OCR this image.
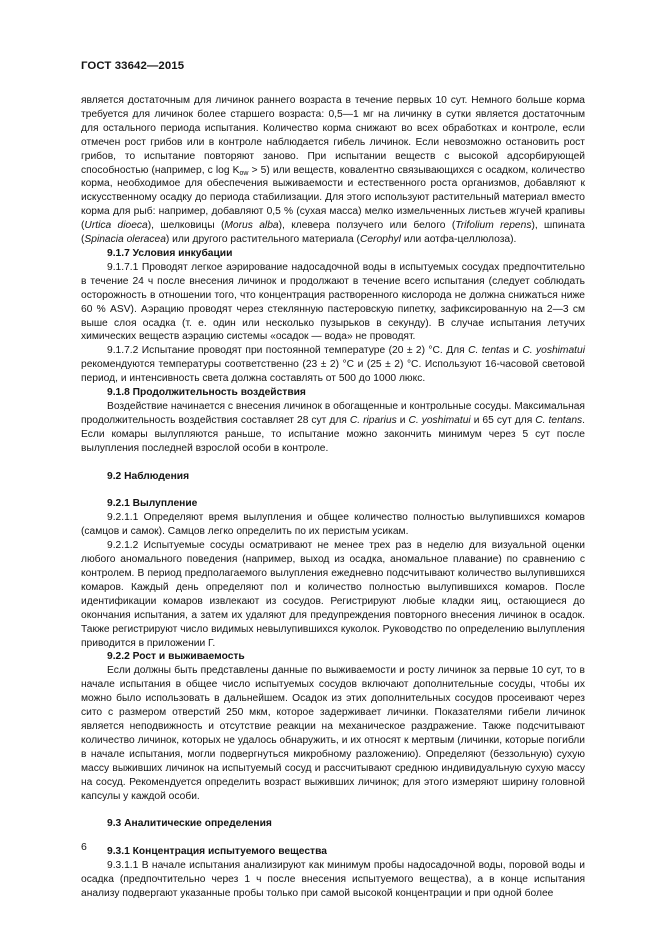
ГОСТ 33642—2015

является достаточным для личинок раннего возраста в течение первых 10 сут. Немного больше корма требуется для личинок более старшего возраста: 0,5—1 мг на личинку в сутки является достаточным для остального периода испытания. Количество корма снижают во всех обработках и контроле, если отмечен рост грибов или в контроле наблюдается гибель личинок. Если невозможно остановить рост грибов, то испытание повторяют заново. При испытании веществ с высокой адсорбирующей способностью (например, с $\log K_{ow} > 5$) или веществ, ковалентно связывающихся с осадком, количество корма, необходимое для обеспечения выживаемости и естественного роста организмов, добавляют к искусственному осадку до периода стабилизации. Для этого используют растительный материал вместо корма для рыб: например, добавляют 0,5 % (сухая масса) мелко измельченных листьев жгучей крапивы (Urtica dioeca), шелковицы (Morus alba), клевера ползучего или белого (Trifolium repens), шпината (Spinacia oleracea) или другого растительного материала (Cerophyl или аотфа-целлюлоза).

9.1.7 Условия инкубации

9.1.7.1 Проводят легкое аэрирование надосадочной воды в испытуемых сосудах предпочтительно в течение 24 ч после внесения личинок и продолжают в течение всего испытания (следует соблюдать осторожность в отношении того, что концентрация растворенного кислорода не должна снижаться ниже 60 % ASV). Аэрацию проводят через стеклянную пастеровскую пипетку, зафиксированную на 2—3 см выше слоя осадка (т. е. один или несколько пузырьков в секунду). В случае испытания летучих химических веществ аэрацию системы «осадок — вода» не проводят.

9.1.7.2 Испытание проводят при постоянной температуре (20 ± 2) °С. Для С. tentas и С. yoshimatui рекомендуются температуры соответственно (23 ± 2) °С и (25 ± 2) °С. Используют 16-часовой световой период, и интенсивность света должна составлять от 500 до 1000 люкс.

9.1.8 Продолжительность воздействия

Воздействие начинается с внесения личинок в обогащенные и контрольные сосуды. Максимальная продолжительность воздействия составляет 28 сут для С. riparius и С. yoshimatui и 65 сут для С. tentans. Если комары вылупляются раньше, то испытание можно закончить минимум через 5 сут после вылупления последней взрослой особи в контроле.

9.2 Наблюдения

9.2.1 Вылупление

9.2.1.1 Определяют время вылупления и общее количество полностью вылупившихся комаров (самцов и самок). Самцов легко определить по их перистым усикам.

9.2.1.2 Испытуемые сосуды осматривают не менее трех раз в неделю для визуальной оценки любого аномального поведения (например, выход из осадка, аномальное плавание) по сравнению с контролем. В период предполагаемого вылупления ежедневно подсчитывают количество вылупившихся комаров. Каждый день определяют пол и количество полностью вылупившихся комаров. После идентификации комаров извлекают из сосудов. Регистрируют любые кладки яиц, остающиеся до окончания испытания, а затем их удаляют для предупреждения повторного внесения личинок в осадок. Также регистрируют число видимых невылупившихся куколок. Руководство по определению вылупления приводится в приложении Г.

9.2.2 Рост и выживаемость

Если должны быть представлены данные по выживаемости и росту личинок за первые 10 сут, то в начале испытания в общее число испытуемых сосудов включают дополнительные сосуды, чтобы их можно было использовать в дальнейшем. Осадок из этих дополнительных сосудов просеивают через сито с размером отверстий 250 мкм, которое задерживает личинки. Показателями гибели личинок является неподвижность и отсутствие реакции на механическое раздражение. Также подсчитывают количество личинок, которых не удалось обнаружить, и их относят к мертвым (личинки, которые погибли в начале испытания, могли подвергнуться микробному разложению). Определяют (беззольную) сухую массу выживших личинок на испытуемый сосуд и рассчитывают среднюю индивидуальную сухую массу на сосуд. Рекомендуется определить возраст выживших личинок; для этого измеряют ширину головной капсулы у каждой особи.

9.3 Аналитические определения

9.3.1 Концентрация испытуемого вещества

9.3.1.1 В начале испытания анализируют как минимум пробы надосадочной воды, поровой воды и осадка (предпочтительно через 1 ч после внесения испытуемого вещества), а в конце испытания анализу подвергают указанные пробы только при самой высокой концентрации и при одной более

6
